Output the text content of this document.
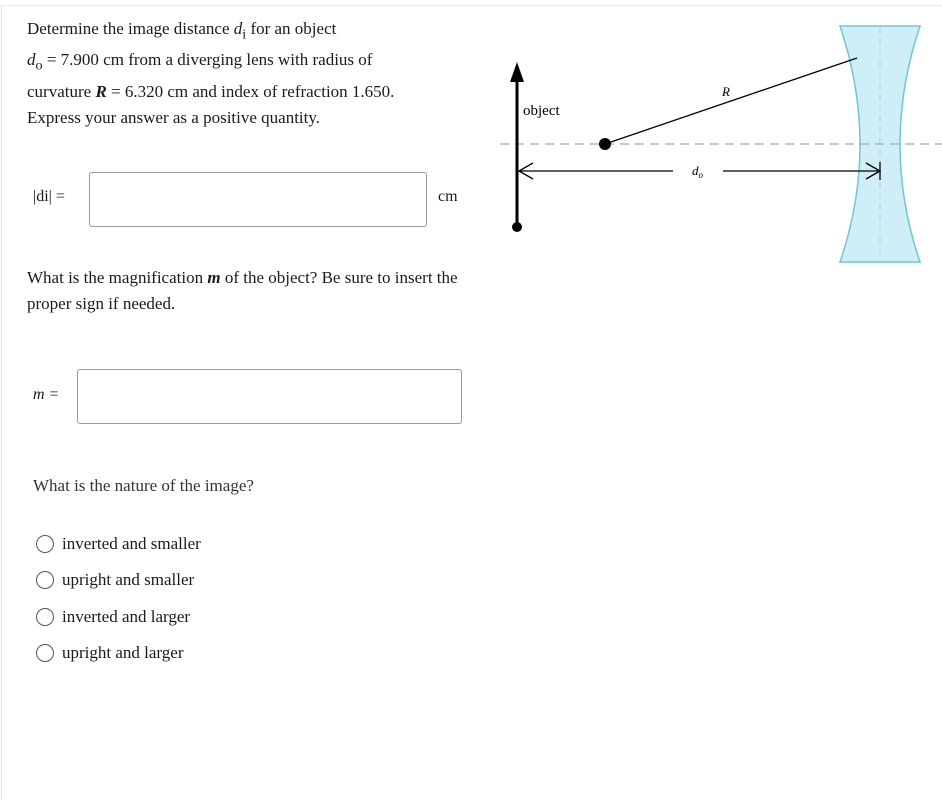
Determine the image distance $d_i$ for an object
$d_o = 7.900$ cm from a diverging lens with radius of
curvature R = 6.320 cm and index of refraction 1.650.
Express your answer as a positive quantity.
|di| =	cm
What is the magnification m of the object? Be sure to insert the proper sign if needed.
m =
What is the nature of the image?
inverted and smaller
upright and smaller
inverted and larger
upright and larger
object
R
$d_o$
